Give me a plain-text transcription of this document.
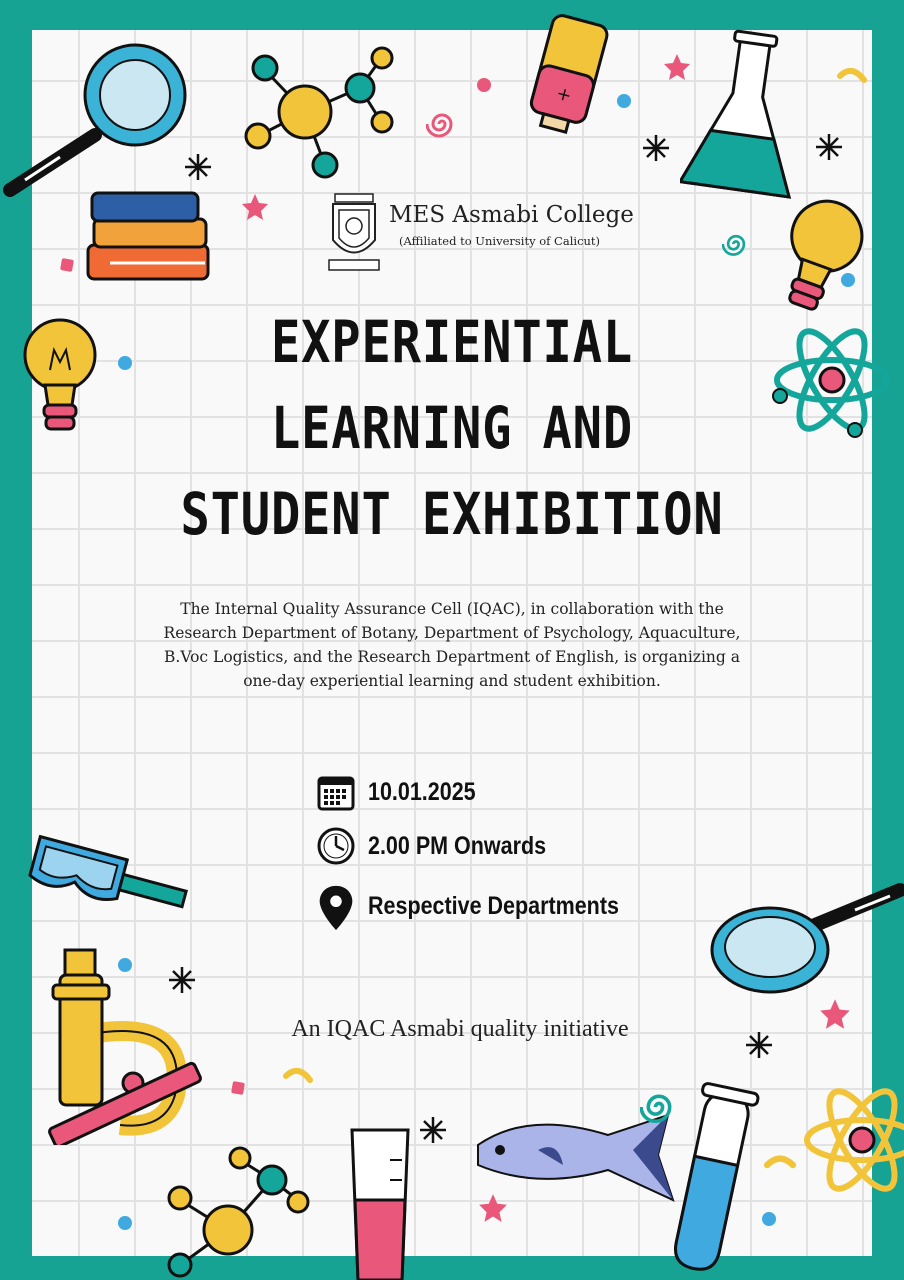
+
MES Asmabi College
(Affiliated to University of Calicut)
EXPERIENTIAL
LEARNING AND
STUDENT EXHIBITION
The Internal Quality Assurance Cell (IQAC), in collaboration with the
Research Department of Botany, Department of Psychology, Aquaculture,
B.Voc Logistics, and the Research Department of English, is organizing a
one-day experiential learning and student exhibition.
10.01.2025
2.00 PM Onwards
Respective Departments
An IQAC Asmabi quality initiative
